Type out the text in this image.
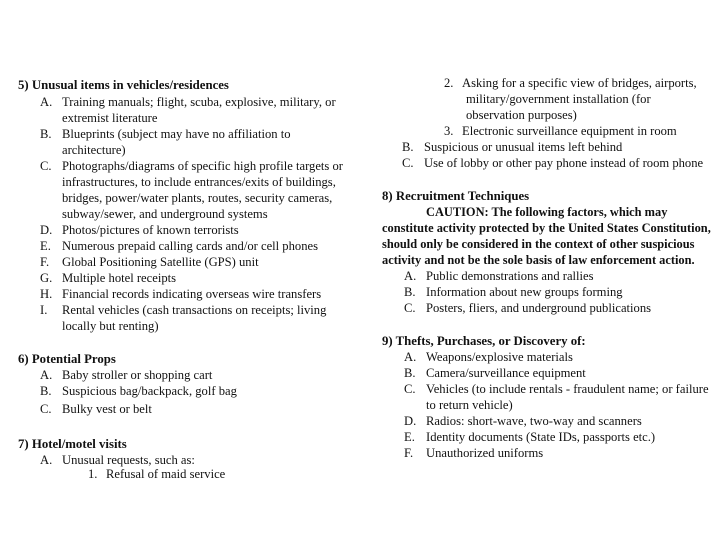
5) Unusual items in vehicles/residences
A. Training manuals; flight, scuba, explosive, military, or
extremist literature
B. Blueprints (subject may have no affiliation to
architecture)
C. Photographs/diagrams of specific high profile targets or
infrastructures, to include entrances/exits of buildings,
bridges, power/water plants, routes, security cameras,
subway/sewer, and underground systems
D. Photos/pictures of known terrorists
E. Numerous prepaid calling cards and/or cell phones
F. Global Positioning Satellite (GPS) unit
G. Multiple hotel receipts
H. Financial records indicating overseas wire transfers
I. Rental vehicles (cash transactions on receipts; living
locally but renting)
6) Potential Props
A. Baby stroller or shopping cart
B. Suspicious bag/backpack, golf bag
C. Bulky vest or belt
7) Hotel/motel visits
A. Unusual requests, such as:
1. Refusal of maid service
2. Asking for a specific view of bridges, airports,
military/government installation (for
observation purposes)
3. Electronic surveillance equipment in room
B. Suspicious or unusual items left behind
C. Use of lobby or other pay phone instead of room phone
8) Recruitment Techniques
CAUTION: The following factors, which may
constitute activity protected by the United States Constitution,
should only be considered in the context of other suspicious
activity and not be the sole basis of law enforcement action.
A. Public demonstrations and rallies
B. Information about new groups forming
C. Posters, fliers, and underground publications
9) Thefts, Purchases, or Discovery of:
A. Weapons/explosive materials
B. Camera/surveillance equipment
C. Vehicles (to include rentals - fraudulent name; or failure
to return vehicle)
D. Radios: short-wave, two-way and scanners
E. Identity documents (State IDs, passports etc.)
F. Unauthorized uniforms
